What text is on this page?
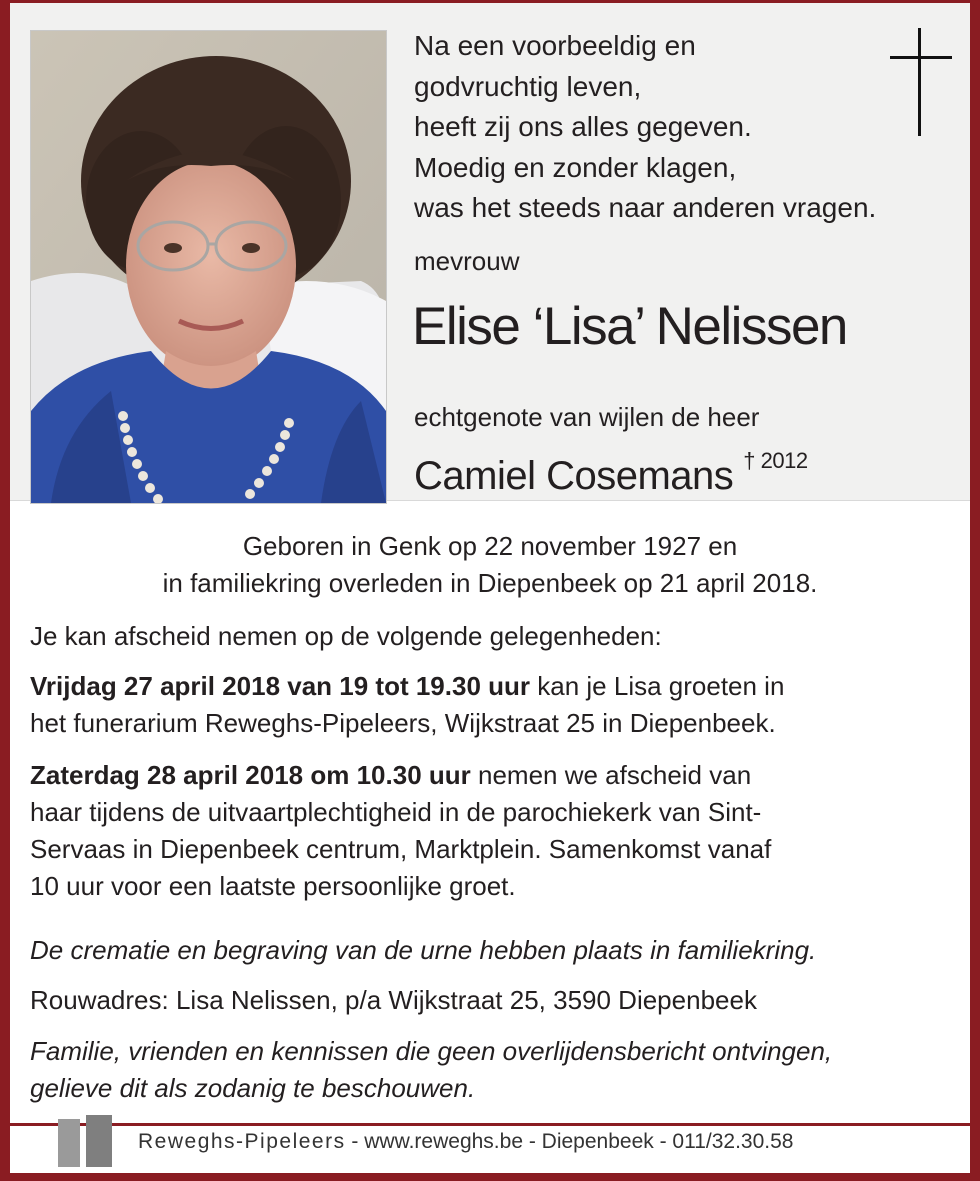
Na een voorbeeldig en
godvruchtig leven,
heeft zij ons alles gegeven.
Moedig en zonder klagen,
was het steeds naar anderen vragen.
mevrouw
Elise ‘Lisa’ Nelissen
echtgenote van wijlen de heer
Camiel Cosemans $^{\dagger 2012}$
Geboren in Genk op 22 november 1927 en
in familiekring overleden in Diepenbeek op 21 april 2018.
Je kan afscheid nemen op de volgende gelegenheden:
Vrijdag 27 april 2018 van 19 tot 19.30 uur kan je Lisa groeten in
het funerarium Reweghs-Pipeleers, Wijkstraat 25 in Diepenbeek.
Zaterdag 28 april 2018 om 10.30 uur nemen we afscheid van
haar tijdens de uitvaartplechtigheid in de parochiekerk van Sint-
Servaas in Diepenbeek centrum, Marktplein. Samenkomst vanaf
10 uur voor een laatste persoonlijke groet.
De crematie en begraving van de urne hebben plaats in familiekring.
Rouwadres: Lisa Nelissen, p/a Wijkstraat 25, 3590 Diepenbeek
Familie, vrienden en kennissen die geen overlijdensbericht ontvingen,
gelieve dit als zodanig te beschouwen.
Reweghs-Pipeleers - www.reweghs.be - Diepenbeek - 011/32.30.58
